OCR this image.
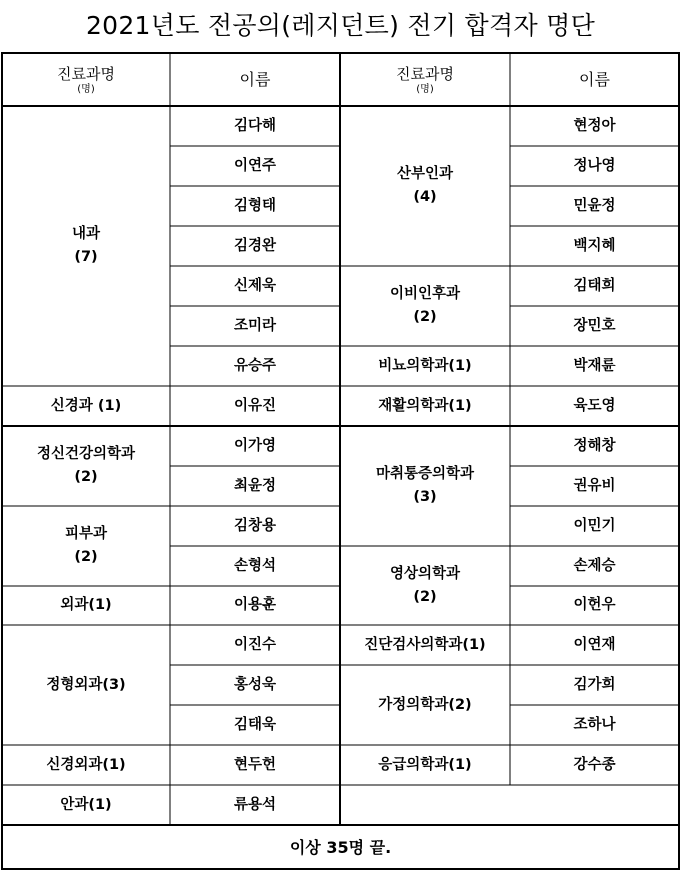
2021년도 전공의(레지던트) 전기 합격자 명단
진료과명
(명)
이름	진료과명
(명)
이름
내과
(7)
신경과 (1)
정신건강의학과
(2)
피부과
(2)
외과(1)
정형외과(3)
신경외과(1)
안과(1)
김다해
이연주
김형태
김경완
신제욱
조미라
유승주
이유진
이가영
최윤정
김창용
손형석
이용훈
이진수
홍성욱
김태욱
현두헌
류용석
산부인과
(4)
이비인후과
(2)
비뇨의학과(1)
재활의학과(1)
마취통증의학과
(3)
영상의학과
(2)
진단검사의학과(1)
가정의학과(2)
응급의학과(1)
현정아
정나영
민윤정
백지혜
김태희
장민호
박재륜
육도영
정해창
권유비
이민기
손제승
이헌우
이연재
김가희
조하나
강수종
이상 35명 끝.
